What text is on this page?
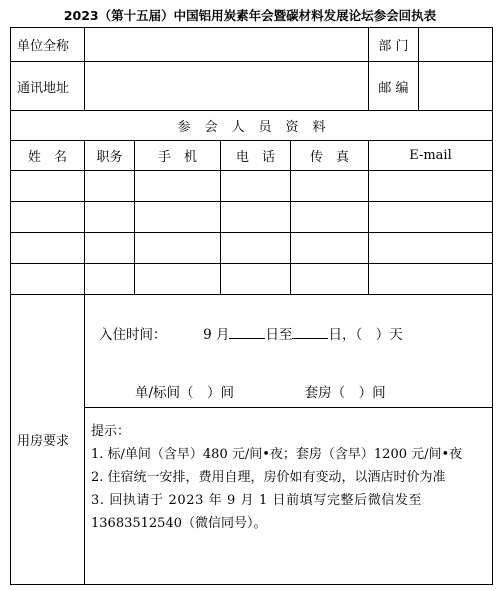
2023（第十五届）中国铝用炭素年会暨碳材料发展论坛参会回执表
单位全称					部 门	
通讯地址					邮 编	
参会人员资料						
姓　名	职务	手　机	电　话	传　真	E-mail	

用房要求	入住时间： 9 月 日至 日，（　）天
单/标间（　）间 套房（　）间					

	提示：
1. 标/单间（含早）480 元/间•夜；套房（含早）1200 元/间•夜
2. 住宿统一安排，费用自理，房价如有变动，以酒店时价为准
3. 回执请于 2023 年 9 月 1 日前填写完整后微信发至
13683512540（微信同号）。					
